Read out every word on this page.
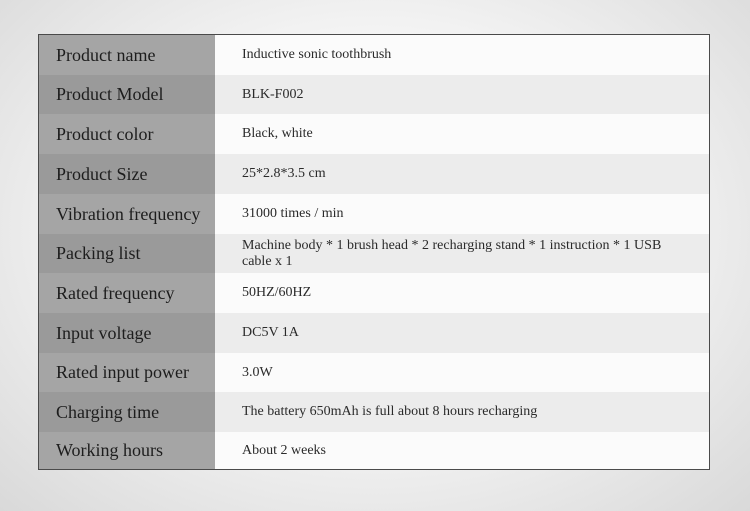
Product name	Inductive sonic toothbrush
Product Model	BLK-F002
Product color	Black, white
Product Size	25*2.8*3.5 cm
Vibration frequency	31000 times / min
Packing list	Machine body * 1 brush head * 2 recharging stand * 1 instruction * 1 USB cable x 1
Rated frequency	50HZ/60HZ
Input voltage	DC5V 1A
Rated input power	3.0W
Charging time	The battery 650mAh is full about 8 hours recharging
Working hours	About 2 weeks
